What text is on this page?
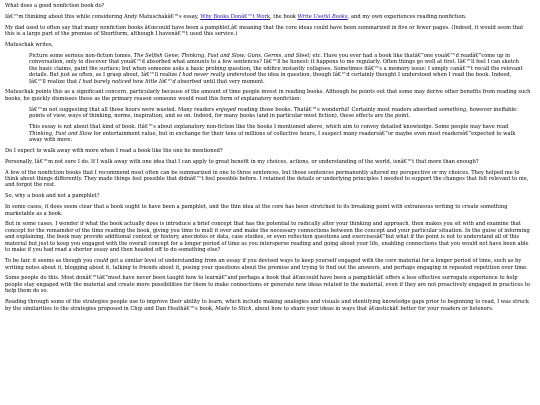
What does a good nonfiction book do?

Iâ€™m thinking about this while considering Andy Matuschakâ€™s essay, Why Books Donâ€™t Work, the book Write Useful Books, and my own experiences reading nonfiction.

My dad used to often say that many nonfiction books â€œcould have been a pamphlet,â€ meaning that the core ideas could have been summarized in five or fewer pages. (Indeed, it would seem that this is a large part of the premise of Shortform, although I havenâ€™t used this service.)

Matuschak writes,

Picture some serious non-fiction tomes. The Selfish Gene; Thinking, Fast and Slow; Guns, Germs, and Steel; etc. Have you ever had a book like thatâ€”one youâ€™d readâ€”come up in conversation, only to discover that youâ€™d absorbed what amounts to a few sentences? Iâ€™ll be honest: it happens to me regularly. Often things go well at first. Iâ€™ll feel I can sketch the basic claims, paint the surface; but when someone asks a basic probing question, the edifice instantly collapses. Sometimes itâ€™s a memory issue: I simply canâ€™t recall the relevant details. But just as often, as I grasp about, Iâ€™ll realize I had never really understood the idea in question, though Iâ€™d certainly thought I understood when I read the book. Indeed, Iâ€™ll realize that I had barely noticed how little Iâ€™d absorbed until that very moment.

Matuschak points this as a significant concern, particularly because of the amount of time people invest in reading books. Although he points out that some may derive other benefits from reading such books, he quickly dismisses these as the primary reason someone would read this form of explanatory nonfiction:

Iâ€™m not suggesting that all those hours were wasted. Many readers enjoyed reading those books. Thatâ€™s wonderful! Certainly most readers absorbed something, however ineffable: points of view, ways of thinking, norms, inspiration, and so on. Indeed, for many books (and in particular most fiction), these effects are the point.

This essay is not about that kind of book. Itâ€™s about explanatory non-fiction like the books I mentioned above, which aim to convey detailed knowledge. Some people may have read Thinking, Fast and Slow for entertainment value, but in exchange for their tens of millions of collective hours, I suspect many readersâ€”or maybe even most readersâ€”expected to walk away with more.

Do I expect to walk away with more when I read a book like the one he mentioned?

Personally, Iâ€™m not sure I do. If I walk away with one idea that I can apply to great benefit in my choices, actions, or understanding of the world, isnâ€™t that more than enough?

A few of the nonfiction books that I recommend most often can be summarized in one to three sentences, but those sentences permanently altered my perspective or my choices. They helped me to think about things differently. They made things feel possible that didnâ€™t feel possible before. I retained the details or underlying principles I needed to support the changes that felt relevant to me, and forgot the rest.

So, why a book and not a pamphlet?

In some cases, it does seem clear that a book ought to have been a pamphlet, and the thin idea at the core has been stretched to its breaking point with extraneous writing to create something marketable as a book.

But in some cases, I wonder if what the book actually does is introduce a brief concept that has the potential to radically alter your thinking and approach, then makes you sit with and examine that concept for the remainder of the time reading the book, giving you time to mull it over and make the necessary connections between the concept and your particular situation. In the guise of informing and explaining, the book may provide additional context or history, anecdotes or data, case studies, or even reflection questions and exercisesâ€”but what if the point is not to understand all of this material but just to keep you engaged with the overall concept for a longer period of time as you intersperse reading and going about your life, enabling connections that you would not have been able to make if you had read a shorter essay and then headed off to do something else?

To be fair, it seems as though you could get a similar level of understanding from an essay if you devised ways to keep yourself engaged with the core material for a longer period of time, such as by writing notes about it, blogging about it, talking to friends about it, posing your questions about the premise and trying to find out the answers, and perhaps engaging in repeated repetition over time.

Some people do this. Most donâ€™tâ€”most have never been taught how to learnâ€”and perhaps a book that â€œcould have been a pamphletâ€ offers a less effective surrogate experience to help people stay engaged with the material and create more possibilities for them to make connections or generate new ideas related to the material, even if they are not proactively engaged in practices to help them do so.

Reading through some of the strategies people use to improve their ability to learn, which include making analogies and visuals and identifying knowledge gaps prior to beginning to read, I was struck by the similarities to the strategies proposed in Chip and Dan Heathâ€™s book, Made to Stick, about how to share your ideas in ways that â€œstickâ€ better for your readers or listeners.
